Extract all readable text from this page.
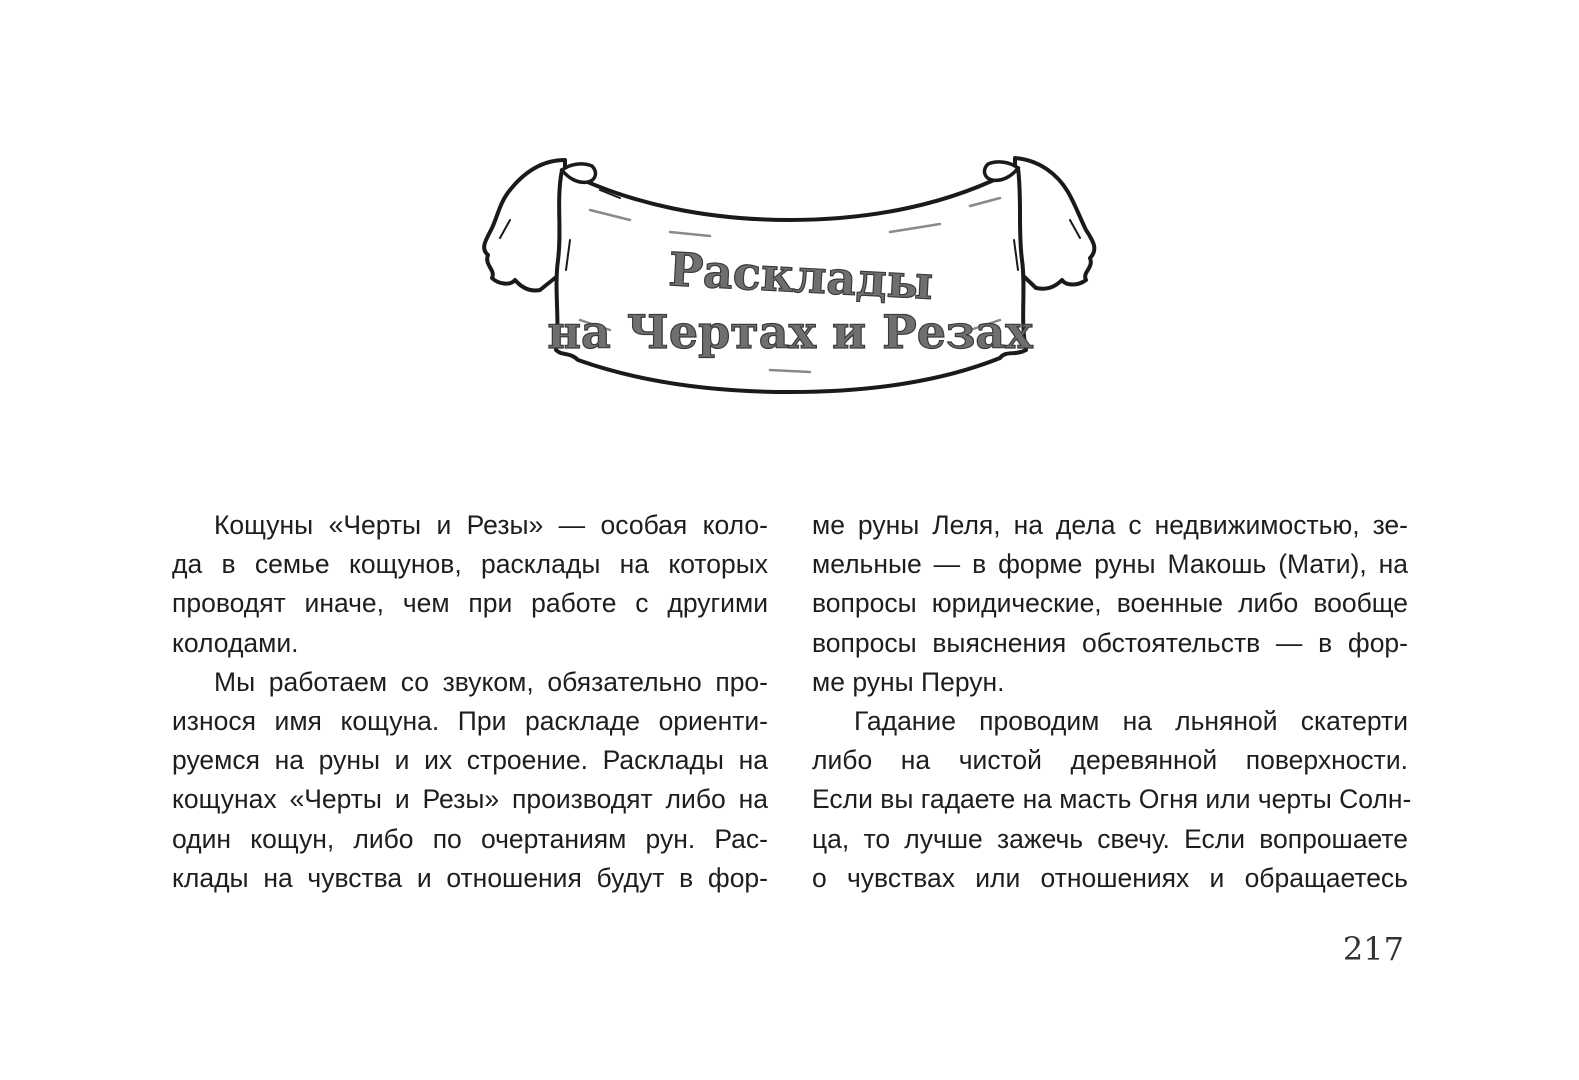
Расклады
на Чертах и Резах
Кощуны «Черты и Резы» — особая коло-
да в семье кощунов, расклады на которых
проводят иначе, чем при работе с другими
колодами.
Мы работаем со звуком, обязательно про-
износя имя кощуна. При раскладе ориенти-
руемся на руны и их строение. Расклады на
кощунах «Черты и Резы» производят либо на
один кощун, либо по очертаниям рун. Рас-
клады на чувства и отношения будут в фор-
ме руны Леля, на дела с недвижимостью, зе-
мельные — в форме руны Макошь (Мати), на
вопросы юридические, военные либо вообще
вопросы выяснения обстоятельств — в фор-
ме руны Перун.
Гадание проводим на льняной скатерти
либо на чистой деревянной поверхности.
Если вы гадаете на масть Огня или черты Солн-
ца, то лучше зажечь свечу. Если вопрошаете
о чувствах или отношениях и обращаетесь
217
